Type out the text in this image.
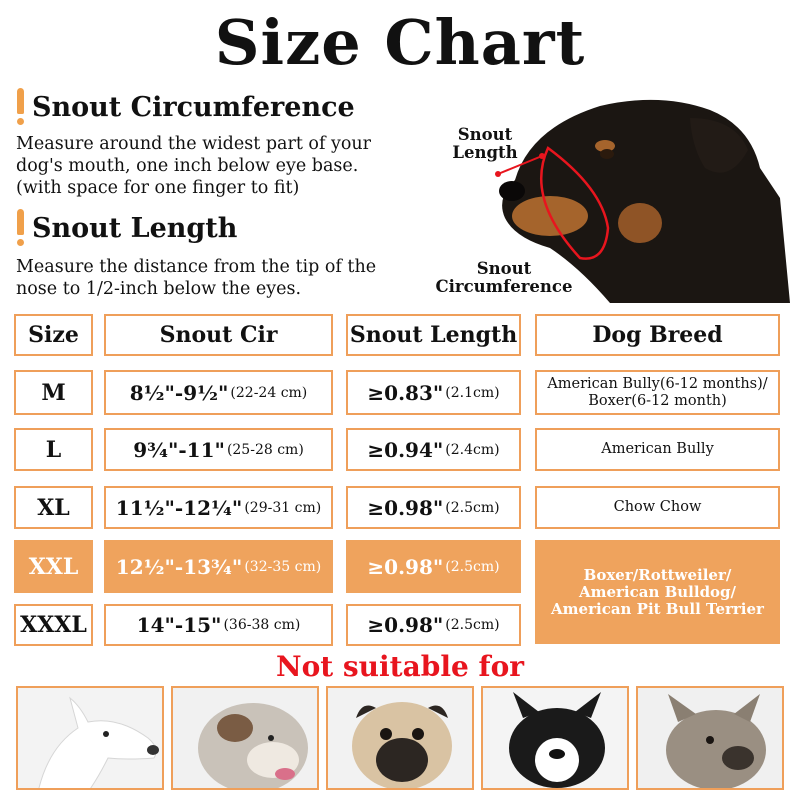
Size Chart
Snout Circumference
Measure around the widest part of your
dog's mouth, one inch below eye base.
(with space for one finger to fit)
Snout Length
Measure the distance from the tip of the
nose to 1/2-inch below the eyes.
Snout
Length
Snout
Circumference
Size	Snout Cir	Snout Length	Dog Breed
M	8½"-9½" (22-24 cm)	≥0.83" (2.1cm)
American Bully(6-12 months)/
Boxer(6-12 month)
L	9¾"-11" (25-28 cm)	≥0.94" (2.4cm)	American Bully
XL	11½"-12¼" (29-31 cm) ≥0.98" (2.5cm)	Chow Chow
XXL	12½"-13¾" (32-35 cm) ≥0.98" (2.5cm)	Boxer/Rottweiler/
American Bulldog/
American Pit Bull Terrier
XXXL	14"-15" (36-38 cm)	≥0.98" (2.5cm)
Not suitable for
